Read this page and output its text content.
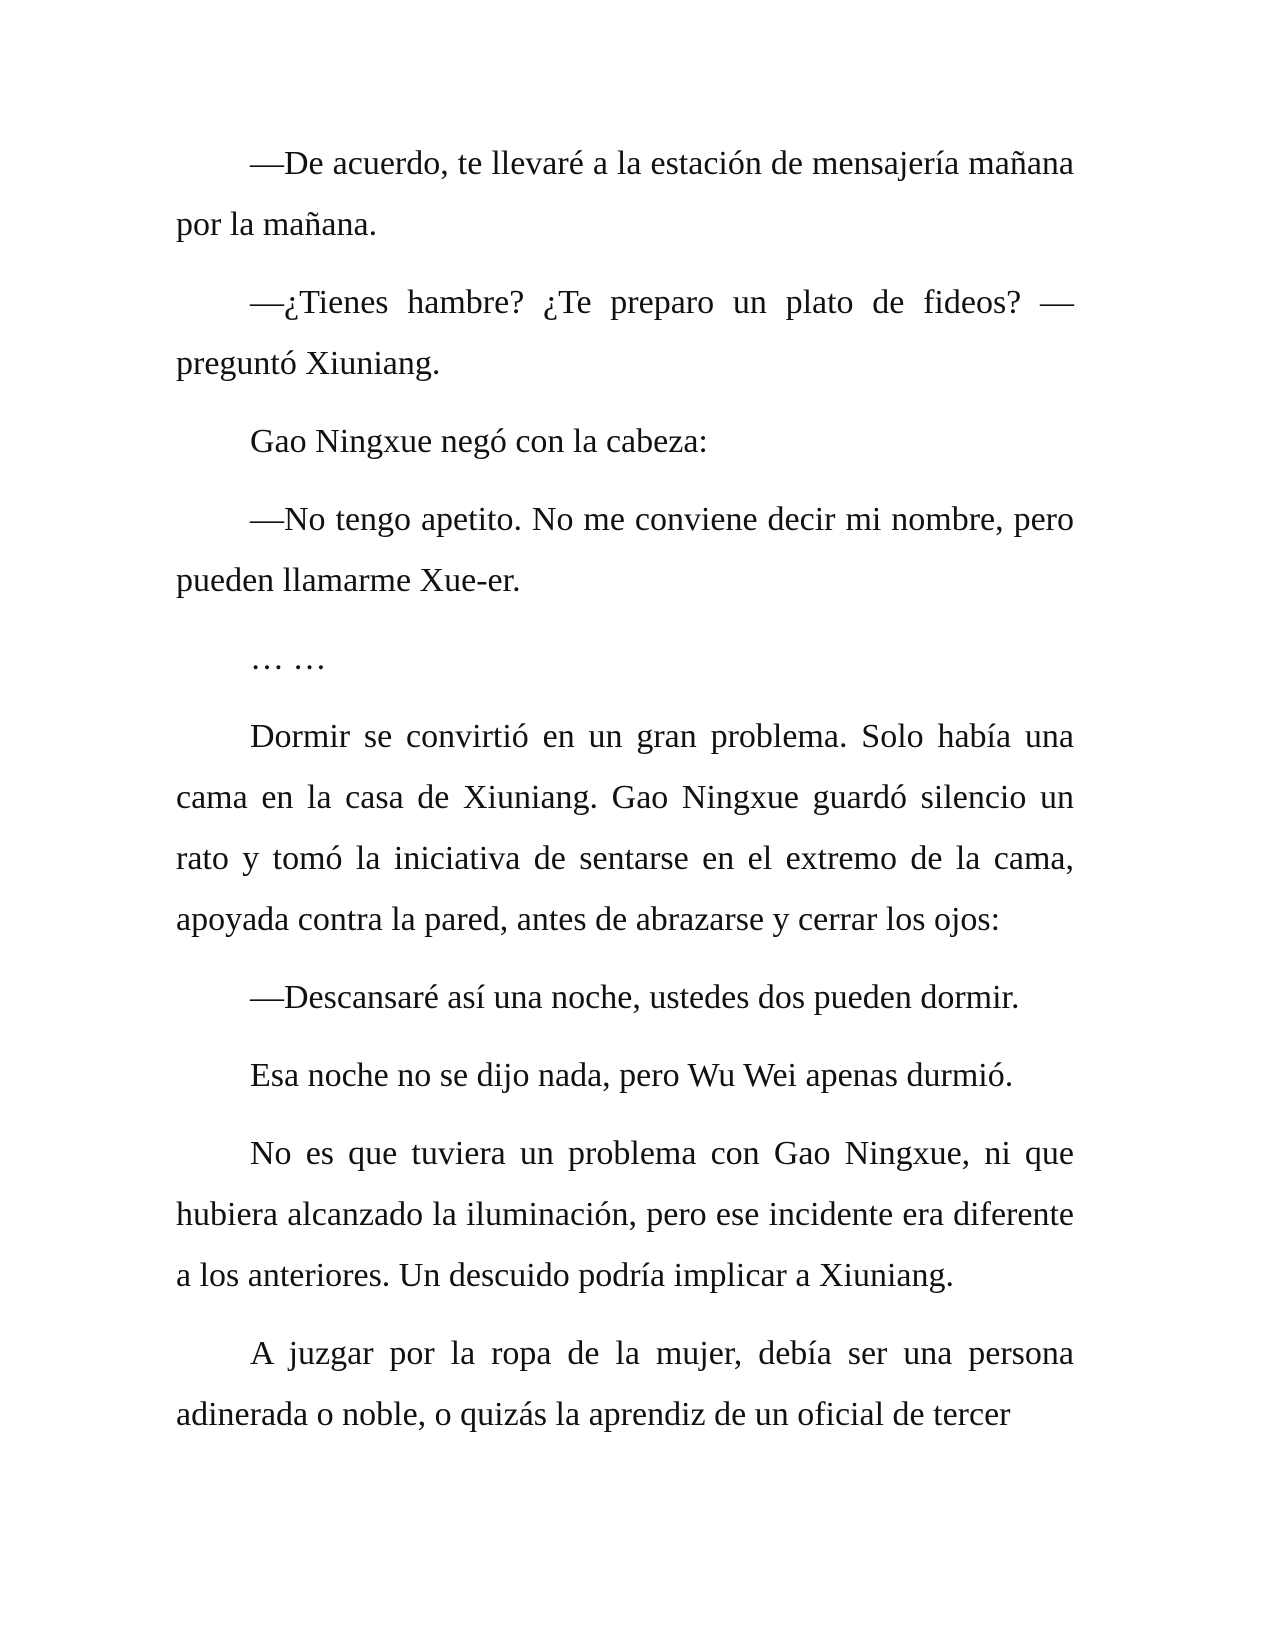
—De acuerdo, te llevaré a la estación de mensajería mañana por la mañana.

—¿Tienes hambre? ¿Te preparo un plato de fideos? —preguntó Xiuniang.

Gao Ningxue negó con la cabeza:

—No tengo apetito. No me conviene decir mi nombre, pero pueden llamarme Xue-er.

… …

Dormir se convirtió en un gran problema. Solo había una cama en la casa de Xiuniang. Gao Ningxue guardó silencio un rato y tomó la iniciativa de sentarse en el extremo de la cama, apoyada contra la pared, antes de abrazarse y cerrar los ojos:

—Descansaré así una noche, ustedes dos pueden dormir.

Esa noche no se dijo nada, pero Wu Wei apenas durmió.

No es que tuviera un problema con Gao Ningxue, ni que hubiera alcanzado la iluminación, pero ese incidente era diferente a los anteriores. Un descuido podría implicar a Xiuniang.

A juzgar por la ropa de la mujer, debía ser una persona adinerada o noble, o quizás la aprendiz de un oficial de tercer
